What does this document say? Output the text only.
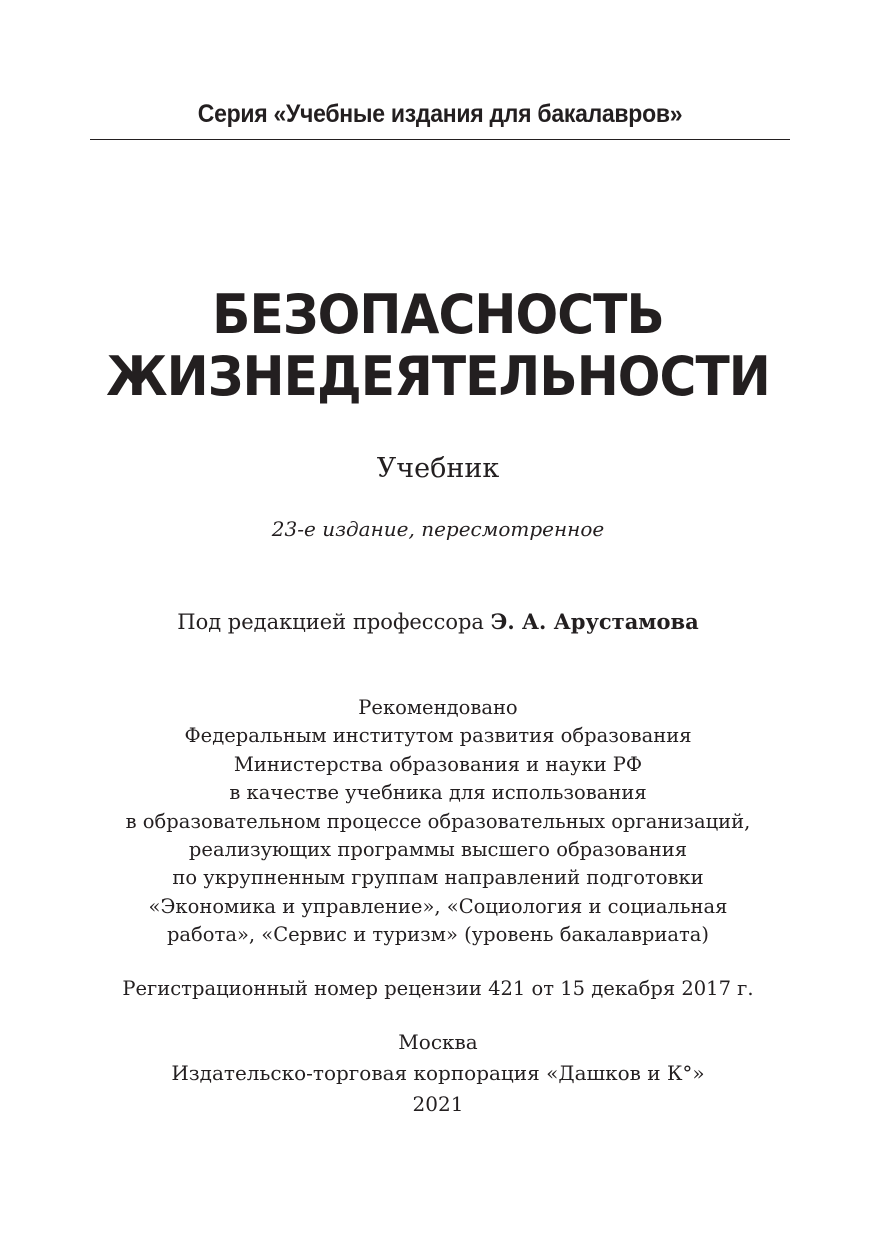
Серия «Учебные издания для бакалавров»
БЕЗОПАСНОСТЬ
ЖИЗНЕДЕЯТЕЛЬНОСТИ
Учебник
23-е издание, пересмотренное
Под редакцией профессора Э. А. Арустамова
Рекомендовано
Федеральным институтом развития образования
Министерства образования и науки РФ
в качестве учебника для использования
в образовательном процессе образовательных организаций,
реализующих программы высшего образования
по укрупненным группам направлений подготовки
«Экономика и управление», «Социология и социальная
работа», «Сервис и туризм» (уровень бакалавриата)
Регистрационный номер рецензии 421 от 15 декабря 2017 г.
Москва
Издательско-торговая корпорация «Дашков и К°»
2021
